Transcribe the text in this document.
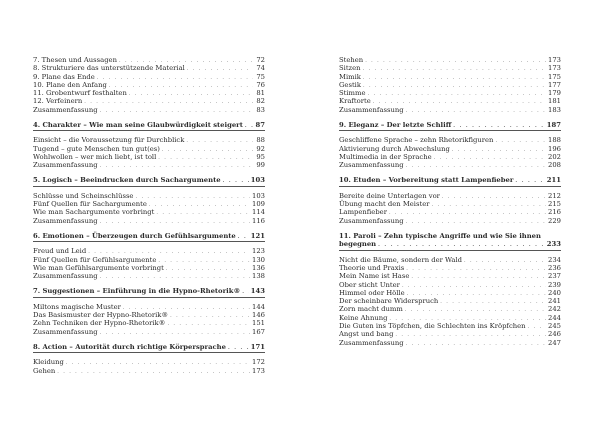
7. Thesen und Aussagen . . .	72
8. Strukturiere das unterstützende Material . . .	74
9. Plane das Ende . . .	75
10. Plane den Anfang . . .	76
11. Grobentwurf festhalten . . .	81
12. Verfeinern . . .	82
Zusammenfassung . . .	83
4. Charakter – Wie man seine Glaubwürdigkeit steigert . . .	87
Einsicht – die Voraussetzung für Durchblick . . .	88
Tugend – gute Menschen tun gut(es) . . .	92
Wohlwollen – wer mich liebt, ist toll . . .	95
Zusammenfassung . . .	99
5. Logisch – Beeindrucken durch Sachargumente . . .	103
Schlüsse und Scheinschlüsse . . .	103
Fünf Quellen für Sachargumente . . .	109
Wie man Sachargumente vorbringt . . .	114
Zusammenfassung . . .	116
6. Emotionen – Überzeugen durch Gefühlsargumente . . . 121
Freud und Leid . . .	123
Fünf Quellen für Gefühlsargumente . . .	130
Wie man Gefühlsargumente vorbringt . . .	136
Zusammenfassung . . .	138
7. Suggestionen – Einführung in die Hypno-Rhetorik® . . . 143
Miltons magische Muster . . .	144
Das Basismuster der Hypno-Rhetorik® . . .	146
Zehn Techniken der Hypno-Rhetorik® . . .	151
Zusammenfassung . . .	167
8. Action – Autorität durch richtige Körpersprache . . .	171
Kleidung . . .	172
Gehen . . .	173
Stehen . . .	173
Sitzen . . .	173
Mimik . . .	175
Gestik . . .	177
Stimme . . .	179
Kraftorte . . .	181
Zusammenfassung . . .	183
9. Eleganz – Der letzte Schliff . . .	187
Geschliffene Sprache – zehn Rhetorikfiguren . . .	188
Aktivierung durch Abwechslung . . .	196
Multimedia in der Sprache . . .	202
Zusammenfassung . . .	208
10. Etuden – Vorbereitung statt Lampenfieber . . .	211
Bereite deine Unterlagen vor . . .	212
Übung macht den Meister . . .	215
Lampenfieber . . .	216
Zusammenfassung . . .	229
11. Paroli – Zehn typische Angriffe und wie Sie ihnen
begegnen . . .	233
Nicht die Bäume, sondern der Wald . . .	234
Theorie und Praxis . . .	236
Mein Name ist Hase . . .	237
Ober sticht Unter . . .	239
Himmel oder Hölle . . .	240
Der scheinbare Widerspruch . . .	241
Zorn macht dumm . . .	242
Keine Ahnung . . .	244
Die Guten ins Töpfchen, die Schlechten ins Kröpfchen . . .	245
Angst und bang . . .	246
Zusammenfassung . . .	247
